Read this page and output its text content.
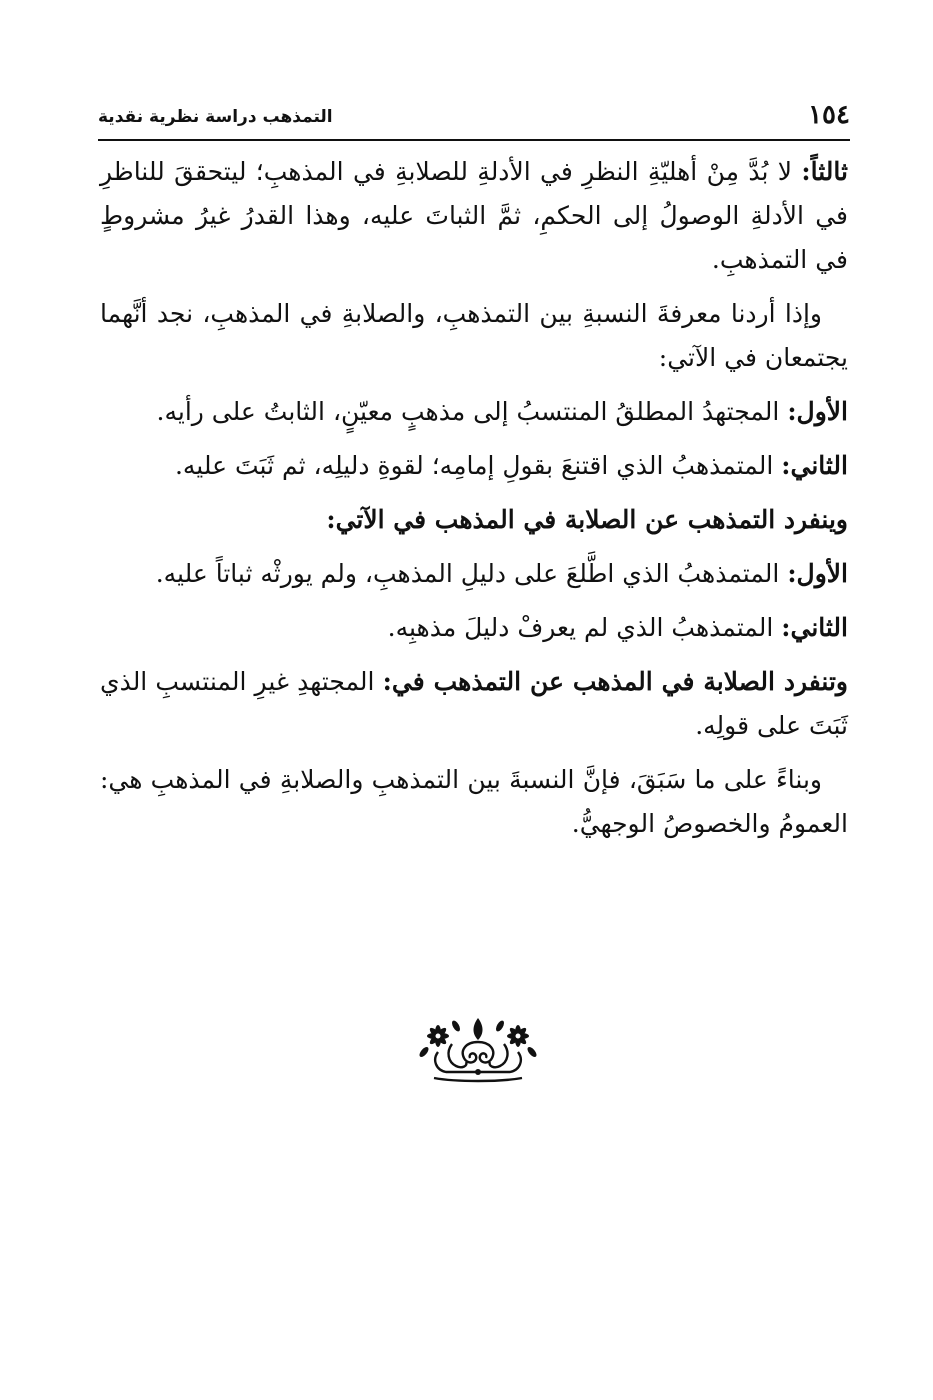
١٥٤
التمذهب دراسة نظرية نقدية

ثالثاً: لا بُدَّ مِنْ أهليّةِ النظرِ في الأدلةِ للصلابةِ في المذهبِ؛ ليتحققَ للناظرِ في الأدلةِ الوصولُ إلى الحكمِ، ثمَّ الثباتَ عليه، وهذا القدرُ غيرُ مشروطٍ في التمذهبِ.

وإذا أردنا معرفةَ النسبةِ بين التمذهبِ، والصلابةِ في المذهبِ، نجد أنَّهما يجتمعان في الآتي:

الأول: المجتهدُ المطلقُ المنتسبُ إلى مذهبٍ معيّنٍ، الثابتُ على رأيه.

الثاني: المتمذهبُ الذي اقتنعَ بقولِ إمامِه؛ لقوةِ دليلِه، ثم ثَبَتَ عليه.

وينفرد التمذهب عن الصلابة في المذهب في الآتي:

الأول: المتمذهبُ الذي اطَّلعَ على دليلِ المذهبِ، ولم يورثْه ثباتاً عليه.

الثاني: المتمذهبُ الذي لم يعرفْ دليلَ مذهبِه.

وتنفرد الصلابة في المذهب عن التمذهب في: المجتهدِ غيرِ المنتسبِ الذي ثَبَتَ على قولِه.

وبناءً على ما سَبَقَ، فإنَّ النسبةَ بين التمذهبِ والصلابةِ في المذهبِ هي: العمومُ والخصوصُ الوجهيُّ.
